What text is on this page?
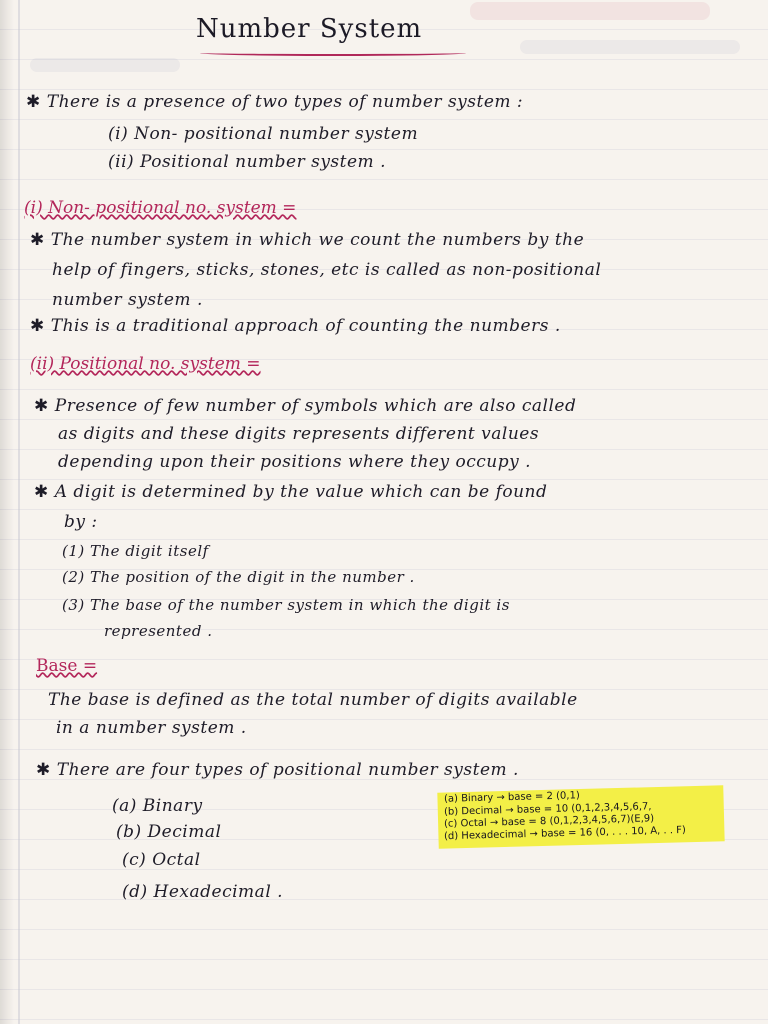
Number System
✱ There is a presence of two types of number system :
(i) Non- positional number system
(ii) Positional number system .
(i) Non- positional no. system =
✱ The number system in which we count the numbers by the
help of fingers, sticks, stones, etc is called as non-positional
number system .
✱ This is a traditional approach of counting the numbers .
(ii) Positional no. system =
✱ Presence of few number of symbols which are also called
as digits and these digits represents different values
depending upon their positions where they occupy .
✱ A digit is determined by the value which can be found
by :
(1) The digit itself
(2) The position of the digit in the number .
(3) The base of the number system in which the digit is
represented .
Base =
The base is defined as the total number of digits available
in a number system .
✱ There are four types of positional number system .
(a) Binary
(b) Decimal
(c) Octal
(d) Hexadecimal .
(a) Binary → base = 2 (0,1)
(b) Decimal → base = 10 (0,1,2,3,4,5,6,7,
(c) Octal → base = 8 (0,1,2,3,4,5,6,7)(E,9)
(d) Hexadecimal → base = 16 (0, . . . 10, A, . . F)
